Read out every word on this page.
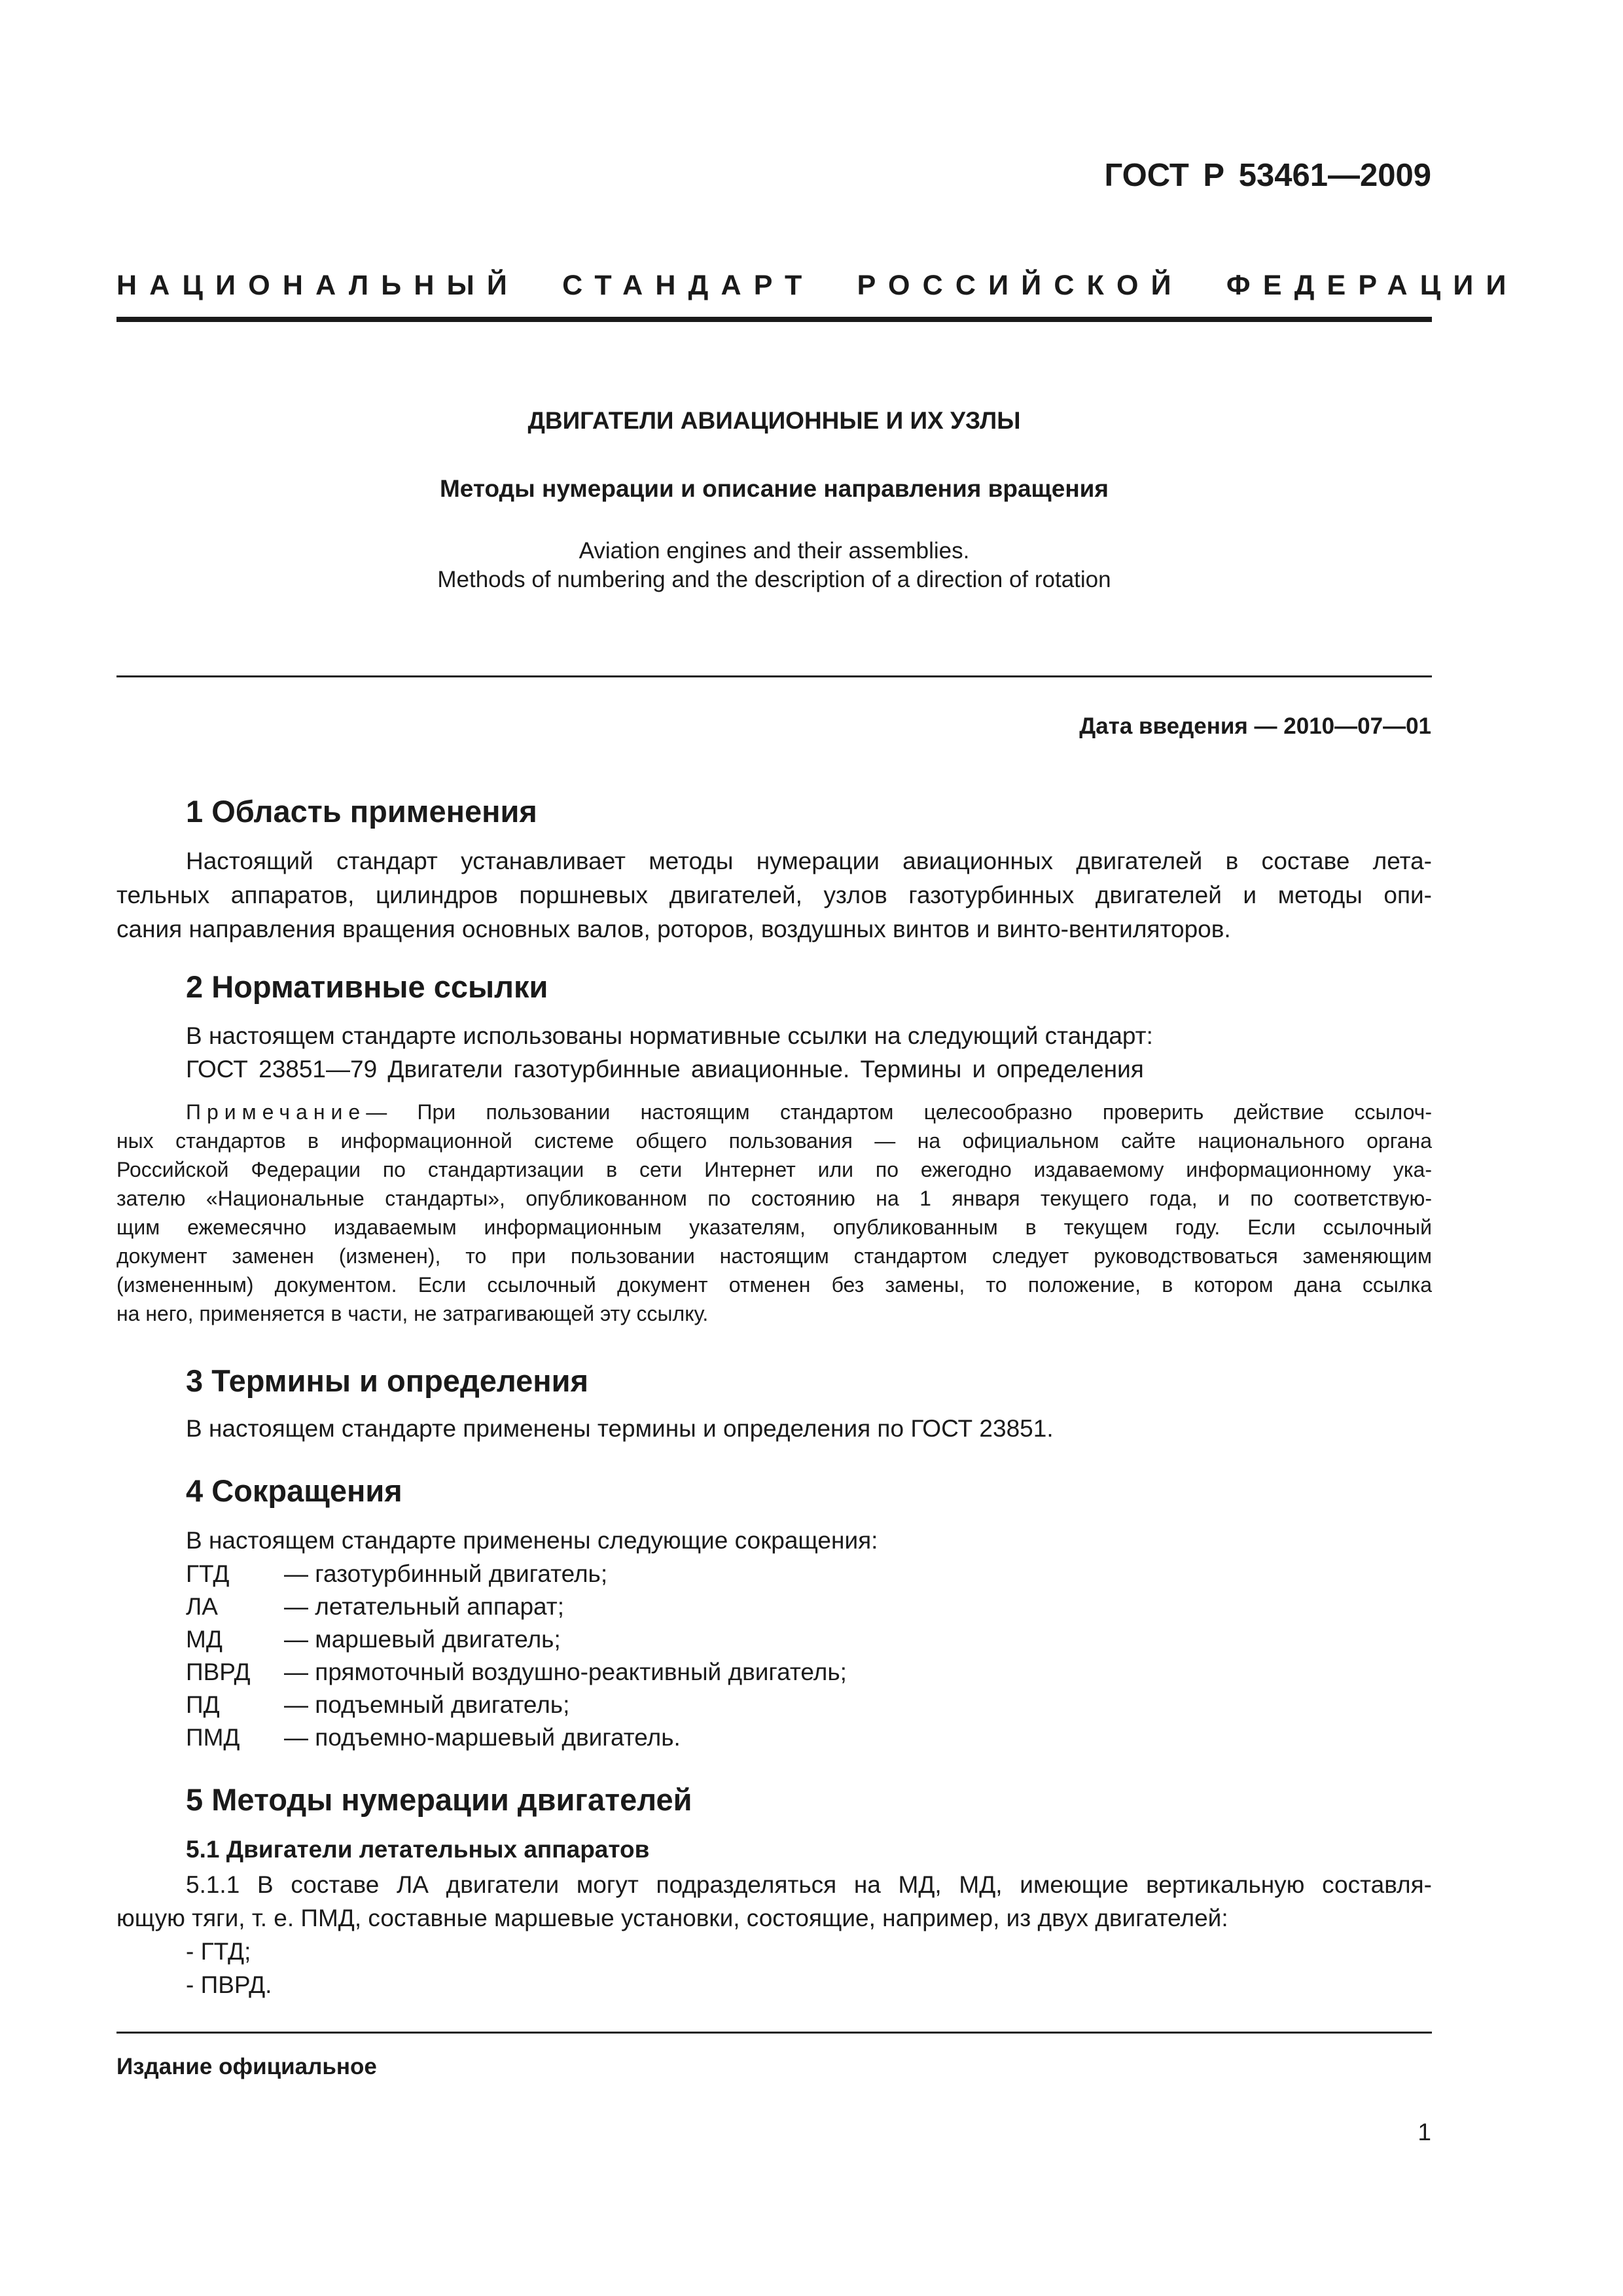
ГОСТ Р 53461—2009
НАЦИОНАЛЬНЫЙ СТАНДАРТ РОССИЙСКОЙ ФЕДЕРАЦИИ
ДВИГАТЕЛИ АВИАЦИОННЫЕ И ИХ УЗЛЫ
Методы нумерации и описание направления вращения
Aviation engines and their assemblies.
Methods of numbering and the description of a direction of rotation
Дата введения — 2010—07—01
1 Область применения
Настоящий стандарт устанавливает методы нумерации авиационных двигателей в составе лета-
тельных аппаратов, цилиндров поршневых двигателей, узлов газотурбинных двигателей и методы опи-
сания направления вращения основных валов, роторов, воздушных винтов и винто-вентиляторов.
2 Нормативные ссылки
В настоящем стандарте использованы нормативные ссылки на следующий стандарт:
ГОСТ 23851—79 Двигатели газотурбинные авиационные. Термины и определения
Примечание— При пользовании настоящим стандартом целесообразно проверить действие ссылоч-
ных стандартов в информационной системе общего пользования — на официальном сайте национального органа
Российской Федерации по стандартизации в сети Интернет или по ежегодно издаваемому информационному ука-
зателю «Национальные стандарты», опубликованном по состоянию на 1 января текущего года, и по соответствую-
щим ежемесячно издаваемым информационным указателям, опубликованным в текущем году. Если ссылочный
документ заменен (изменен), то при пользовании настоящим стандартом следует руководствоваться заменяющим
(измененным) документом. Если ссылочный документ отменен без замены, то положение, в котором дана ссылка
на него, применяется в части, не затрагивающей эту ссылку.
3 Термины и определения
В настоящем стандарте применены термины и определения по ГОСТ 23851.
4 Сокращения
В настоящем стандарте применены следующие сокращения:
ГТД — газотурбинный двигатель;
ЛА	— летательный аппарат;
МД	— маршевый двигатель;
ПВРД — прямоточный воздушно-реактивный двигатель;
ПД	— подъемный двигатель;
ПМД — подъемно-маршевый двигатель.
5 Методы нумерации двигателей
5.1 Двигатели летательных аппаратов
5.1.1 В составе ЛА двигатели могут подразделяться на МД, МД, имеющие вертикальную составля-
ющую тяги, т. е. ПМД, составные маршевые установки, состоящие, например, из двух двигателей:
- ГТД;
- ПВРД.
Издание официальное
1
